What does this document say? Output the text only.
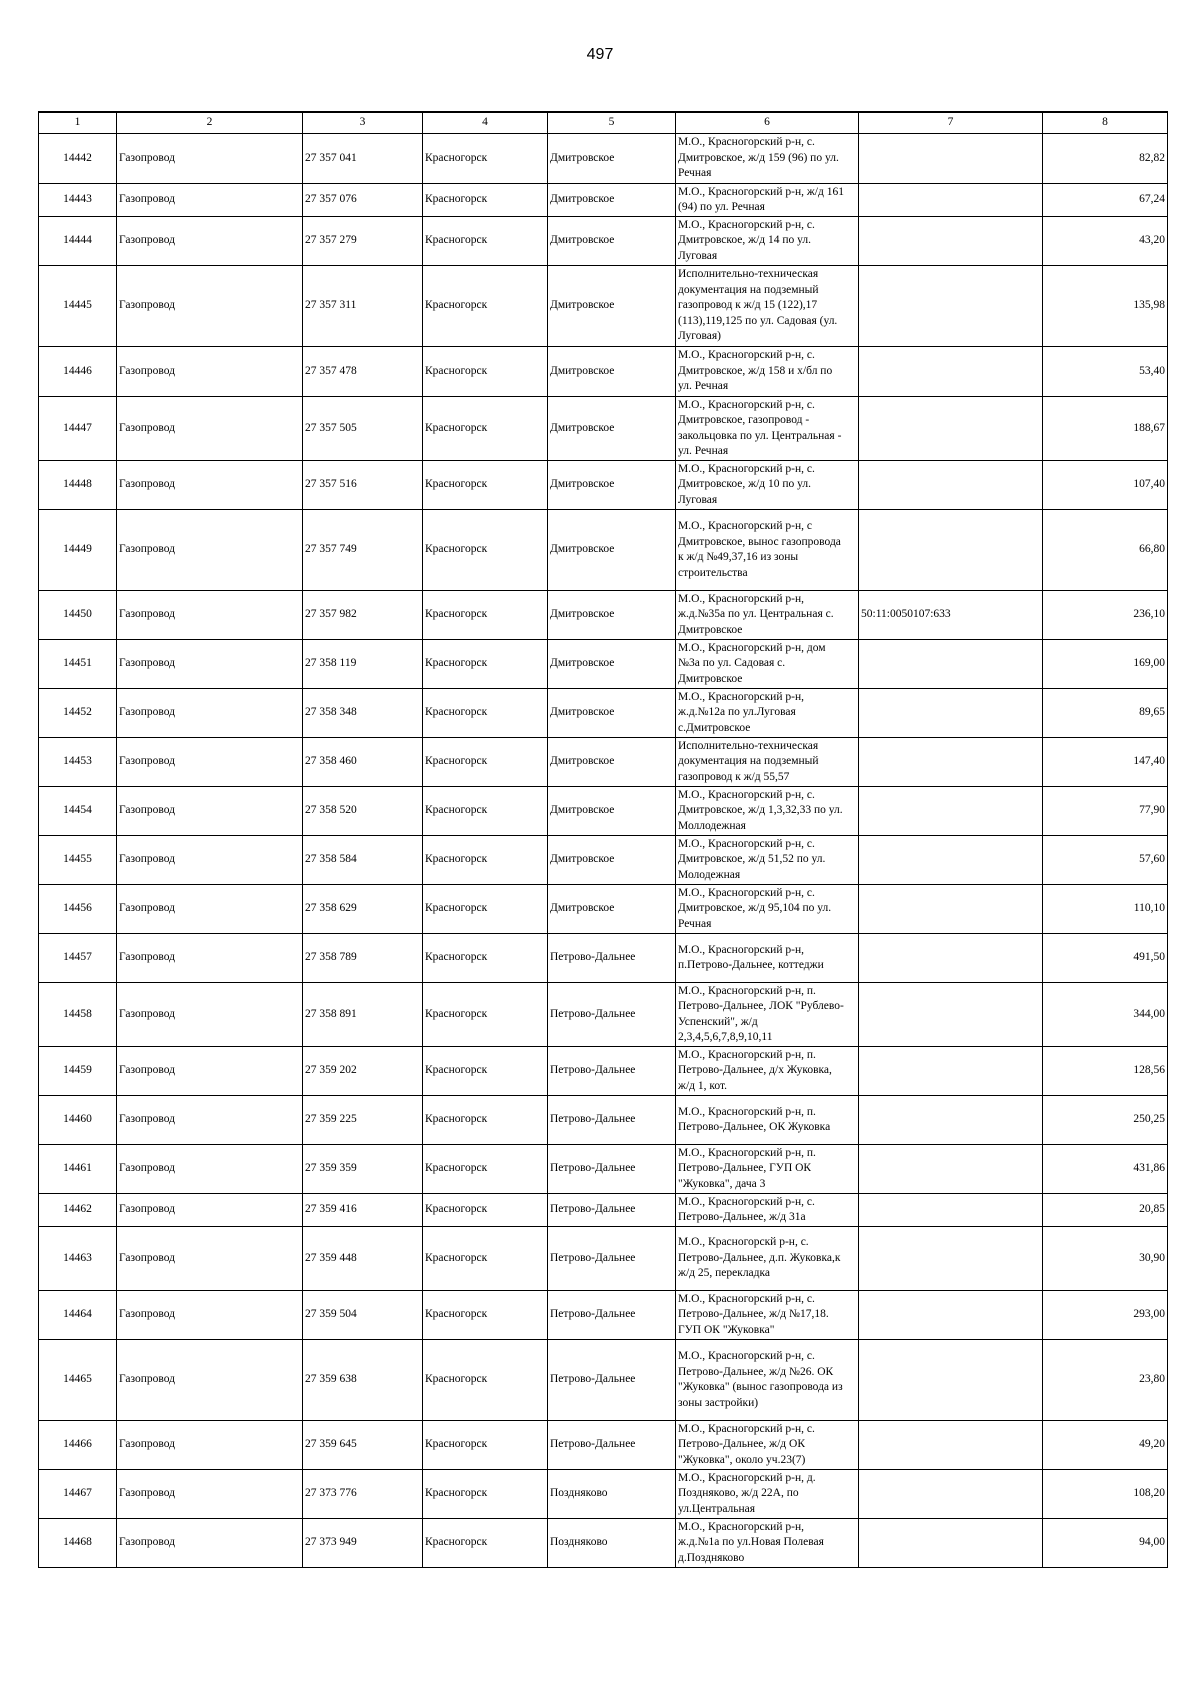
497
1	2	3	4	5	6	7	8
14442	Газопровод	27 357 041	Красногорск	Дмитровское	М.О., Красногорский р-н, с.
Дмитровское, ж/д 159 (96) по ул.
Речная		82,82
14443	Газопровод	27 357 076	Красногорск	Дмитровское	М.О., Красногорский р-н, ж/д 161
(94) по ул. Речная		67,24
14444	Газопровод	27 357 279	Красногорск	Дмитровское	М.О., Красногорский р-н, с.
Дмитровское, ж/д 14 по ул.
Луговая		43,20
14445	Газопровод	27 357 311	Красногорск	Дмитровское	Исполнительно-техническая
документация на подземный
газопровод к ж/д 15 (122),17
(113),119,125 по ул. Садовая (ул.
Луговая)		135,98
14446	Газопровод	27 357 478	Красногорск	Дмитровское	М.О., Красногорский р-н, с.
Дмитровское, ж/д 158 и х/бл по
ул. Речная		53,40
14447	Газопровод	27 357 505	Красногорск	Дмитровское	М.О., Красногорский р-н, с.
Дмитровское, газопровод -
закольцовка по ул. Центральная -
ул. Речная		188,67
14448	Газопровод	27 357 516	Красногорск	Дмитровское	М.О., Красногорский р-н, с.
Дмитровское, ж/д 10 по ул.
Луговая		107,40
14449	Газопровод	27 357 749	Красногорск	Дмитровское	М.О., Красногорский р-н, с
Дмитровское, вынос газопровода
к ж/д №49,37,16 из зоны
строительства		66,80
14450	Газопровод	27 357 982	Красногорск	Дмитровское	М.О., Красногорский р-н,
ж.д.№35а по ул. Центральная с.
Дмитровское	50:11:0050107:633	236,10
14451	Газопровод	27 358 119	Красногорск	Дмитровское	М.О., Красногорский р-н, дом
№3а по ул. Садовая с.
Дмитровское		169,00
14452	Газопровод	27 358 348	Красногорск	Дмитровское	М.О., Красногорский р-н,
ж.д.№12а по ул.Луговая
с.Дмитровское		89,65
14453	Газопровод	27 358 460	Красногорск	Дмитровское	Исполнительно-техническая
документация на подземный
газопровод к ж/д 55,57		147,40
14454	Газопровод	27 358 520	Красногорск	Дмитровское	М.О., Красногорский р-н, с.
Дмитровское, ж/д 1,3,32,33 по ул.
Моллодежная		77,90
14455	Газопровод	27 358 584	Красногорск	Дмитровское	М.О., Красногорский р-н, с.
Дмитровское, ж/д 51,52 по ул.
Молодежная		57,60
14456	Газопровод	27 358 629	Красногорск	Дмитровское	М.О., Красногорский р-н, с.
Дмитровское, ж/д 95,104 по ул.
Речная		110,10
14457	Газопровод	27 358 789	Красногорск	Петрово-Дальнее	М.О., Красногорский р-н,
п.Петрово-Дальнее, коттеджи		491,50
14458	Газопровод	27 358 891	Красногорск	Петрово-Дальнее	М.О., Красногорский р-н, п.
Петрово-Дальнее, ЛОК "Рублево-
Успенский", ж/д
2,3,4,5,6,7,8,9,10,11		344,00
14459	Газопровод	27 359 202	Красногорск	Петрово-Дальнее	М.О., Красногорский р-н, п.
Петрово-Дальнее, д/х Жуковка,
ж/д 1, кот.		128,56
14460	Газопровод	27 359 225	Красногорск	Петрово-Дальнее	М.О., Красногорский р-н, п.
Петрово-Дальнее, ОК Жуковка		250,25
14461	Газопровод	27 359 359	Красногорск	Петрово-Дальнее	М.О., Красногорский р-н, п.
Петрово-Дальнее, ГУП ОК
"Жуковка", дача 3		431,86
14462	Газопровод	27 359 416	Красногорск	Петрово-Дальнее	М.О., Красногорский р-н, с.
Петрово-Дальнее, ж/д 31а		20,85
14463	Газопровод	27 359 448	Красногорск	Петрово-Дальнее	М.О., Красногорскй р-н, с.
Петрово-Дальнее, д.п. Жуковка,к
ж/д 25, перекладка		30,90
14464	Газопровод	27 359 504	Красногорск	Петрово-Дальнее	М.О., Красногорский р-н, с.
Петрово-Дальнее, ж/д №17,18.
ГУП ОК "Жуковка"		293,00
14465	Газопровод	27 359 638	Красногорск	Петрово-Дальнее	М.О., Красногорский р-н, с.
Петрово-Дальнее, ж/д №26. ОК
"Жуковка" (вынос газопровода из
зоны застройки)		23,80
14466	Газопровод	27 359 645	Красногорск	Петрово-Дальнее	М.О., Красногорский р-н, с.
Петрово-Дальнее, ж/д ОК
"Жуковка", около уч.23(7)		49,20
14467	Газопровод	27 373 776	Красногорск	Поздняково	М.О., Красногорский р-н, д.
Поздняково, ж/д 22А, по
ул.Центральная		108,20
14468	Газопровод	27 373 949	Красногорск	Поздняково	М.О., Красногорский р-н,
ж.д.№1а по ул.Новая Полевая
д.Поздняково		94,00
